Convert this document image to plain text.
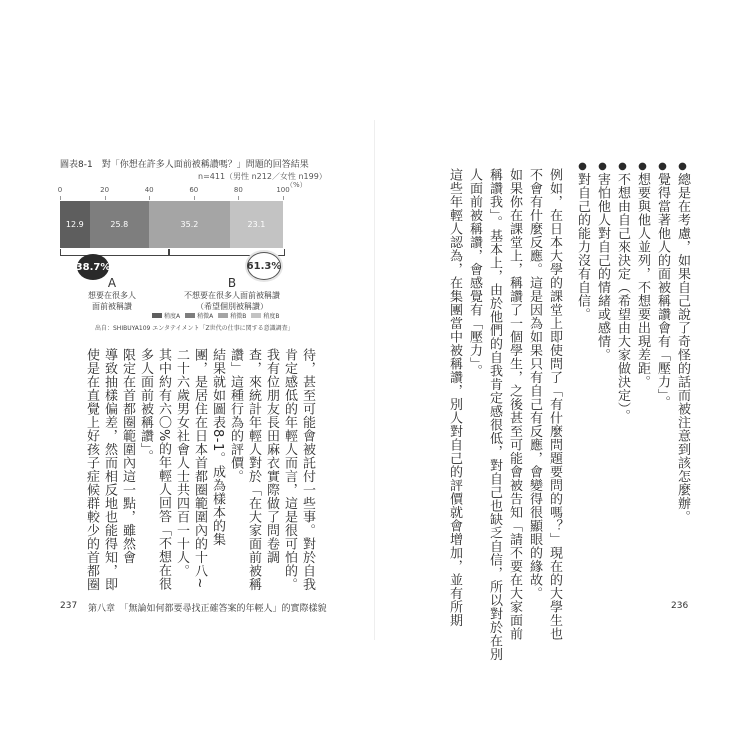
圖表8-1　對「你想在許多人面前被稱讚嗎？」問題的回答結果
n=411（男性 n212／女性 n199）
（%）
0	20	40	60	80	100
12.9	25.8	35.2	23.1
38.7%	61.3%
A
想要在很多人
面前被稱讚
B
不想要在很多人面前被稱讚
（希望個別被稱讚）
稍度A	稍微A	稍微B	稍度B
出自：SHIBUYA109 エンタテイメント「Z世代の仕事に関する意識調査」
待，甚至可能會被託付一些事。對於自我
肯定感低的年輕人而言，這是很可怕的。
我有位朋友長田麻衣實際做了問卷調
查，來統計年輕人對於「在大家面前被稱
讚」這種行為的評價。
結果就如圖表8-1。成為樣本的集
團，是居住在日本首都圈範圍內的十八~
二十六歲男女社會人士共四百一十人。
其中約有六〇%的年輕人回答「不想在很
多人面前被稱讚」。
限定在首都圈範圍內這一點，雖然會
導致抽樣偏差，然而相反地也能得知，即
使是在直覺上好孩子症候群較少的首都圈
237 第八章　「無論如何都要尋找正確答案的年輕人」的實際樣貌
●總是在考慮，如果自己說了奇怪的話而被注意到該怎麼辦。
●覺得當著他人的面被稱讚會有「壓力」。
●想要與他人並列，不想要出現差距。
●不想由自己來決定（希望由大家做決定）。
●害怕他人對自己的情緒或感情。
●對自己的能力沒有自信。
例如，在日本大學的課堂上即使問了「有什麼問題要問的嗎？」現在的大學生也
不會有什麼反應。這是因為如果只有自己有反應，會變得很顯眼的緣故。
如果你在課堂上，稱讚了一個學生，之後甚至可能會被告知「請不要在大家面前
稱讚我」。基本上，由於他們的自我肯定感很低，對自己也缺乏自信，所以對於在別
人面前被稱讚，會感覺有「壓力」。
這些年輕人認為，在集團當中被稱讚，別人對自己的評價就會增加，並有所期	236
